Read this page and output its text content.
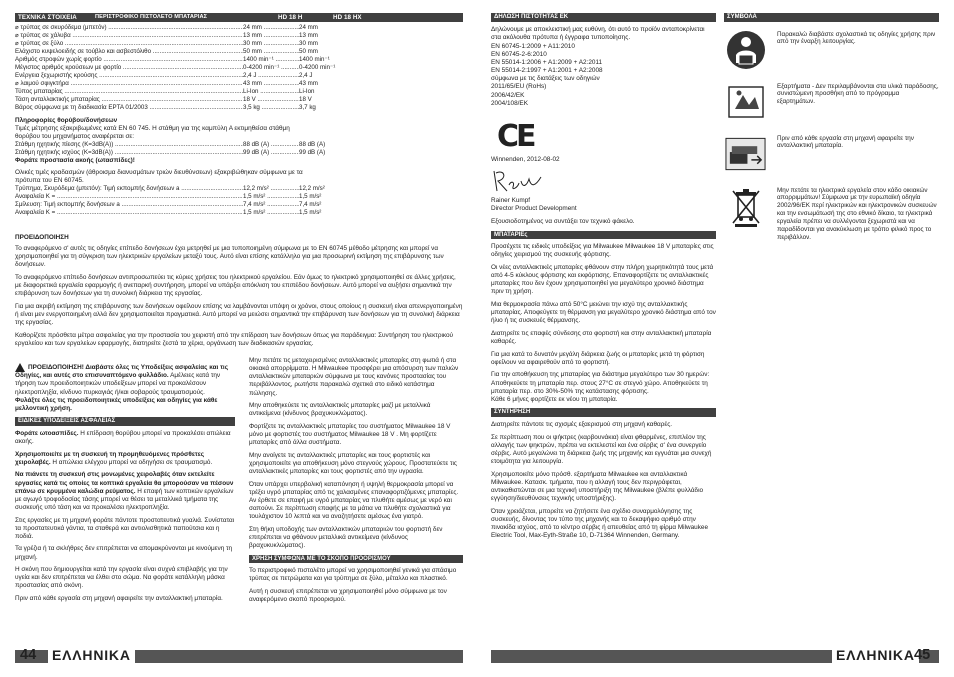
ΤΕΧΝΙΚΑ ΣΤΟΙΧΕΙΑ	ΠΕΡΙΣΤΡΟΦΙΚΟ ΠΙΣΤΟΛΕΤΟ ΜΠΑΤΑΡΙΑΣ	HD 18 H	HD 18 HX
⌀ τρύπας σε σκυρόδεμα (μπετόν) .....	24 mm .....	24 mm
⌀ τρύπας σε χάλυβα .....	13 mm .....	13 mm
⌀ τρύπας σε ξύλο .....	30 mm .....	30 mm
Ελάχιστο κυψελοειδής σε τούβλο και ασβεστόλιθο .....	50 mm .....	50 mm
Αριθμός στροφών χωρίς φορτίο .....	1400 min⁻¹ .....	1400 min⁻¹
Μέγιστος αριθμός κρούσεων με φορτίο .....	0-4200 min⁻¹ .....	0-4200 min⁻¹
Ενέργεια ξεχωριστής κρούσης .....	2,4 J .....	2,4 J
⌀ λαιμού σφιγκτήρα .....	43 mm .....	43 mm
Τύπος μπαταρίας .....	Li-Ion .....	Li-Ion
Τάση ανταλλακτικής μπαταρίας .....	18 V .....	18 V
Βάρος σύμφωνα με τη διαδικασία EPTA 01/2003 .....	3,5 kg .....	3,7 kg
Πληροφορίες θορύβου/δονήσεων
Τιμές μέτρησης εξακριβωμένες κατά EN 60 745. Η στάθμη για της καμπύλη Α εκτιμηθείσα στάθμη θορύβου του μηχανήματος αναφέρεται σε:
Στάθμη ηχητικής πίεσης (K=3dB(A)) .....	88 dB (A) .....	88 dB (A)
Στάθμη ηχητικής ισχύος (K=3dB(A)) .....	99 dB (A) .....	99 dB (A)
Φοράτε προστασία ακοής (ωτασπίδες)!
Ολικές τιμές κραδασμών (άθροισμα διανυσμάτων τριών διευθύνσεων) εξακριβώθηκαν σύμφωνα με τα πρότυπα του EN 60745.
Τρύπημα, Σκυρόδεμα (μπετόν): Τιμή εκπομπής δονήσεων a .....	12,2 m/s² .....	12,2 m/s²
Αναφαλεία K = .....	1,5 m/s² .....	1,5 m/s²
Σμίλευση: Τιμή εκπομπής δονήσεων a .....	7,4 m/s² .....	7,4 m/s²
Αναφαλεία K = .....	1,5 m/s² .....	1,5 m/s²
ΠΡΟΕΙΔΟΠΟΙΗΣΗ

Το αναφερόμενο σ' αυτές τις οδηγίες επίπεδο δονήσεων έχει μετρηθεί με μια τυποποιημένη σύμφωνα με το EN 60745 μέθοδο μέτρησης και μπορεί να χρησιμοποιηθεί για τη σύγκριση των ηλεκτρικών εργαλείων μεταξύ τους. Αυτό είναι επίσης κατάλληλο για μια προσωρινή εκτίμηση της επιβάρυνσης των δονήσεων.

Το αναφερόμενο επίπεδο δονήσεων αντιπροσωπεύει τις κύριες χρήσεις του ηλεκτρικού εργαλείου. Εάν όμως το ηλεκτρικό χρησιμοποιηθεί σε άλλες χρήσεις, με διαφορετικά εργαλεία εφαρμογής ή ανεπαρκή συντήρηση, μπορεί να υπάρξει απόκλιση του επιπέδου δονήσεων. Αυτό μπορεί να αυξήσει σημαντικά την επιβάρυνση των δονήσεων για τη συνολική διάρκεια της εργασίας.

Για μια ακριβή εκτίμηση της επιβάρυνσης των δονήσεων οφείλουν επίσης να λαμβάνονται υπόψη οι χρόνοι, στους οποίους η συσκευή είναι απενεργοποιημένη ή είναι μεν ενεργοποιημένη αλλά δεν χρησιμοποιείται πραγματικά. Αυτό μπορεί να μειώσει σημαντικά την επιβάρυνση των δονήσεων για τη συνολική διάρκεια της εργασίας.

Καθορίζετε πρόσθετα μέτρα ασφαλείας για την προστασία του χειριστή από την επίδραση των δονήσεων όπως για παράδειγμα: Συντήρηση του ηλεκτρικού εργαλείου και των εργαλείων εφαρμογής, διατηρείτε ζεστά τα χέρια, οργάνωση των διαδικασιών εργασίας.

ΠΡΟΕΙΔΟΠΟΙΗΣΗ! Διαβάστε όλες τις Υποδείξεις ασφαλείας και τις Οδηγίες, και αυτές στο επισυναπτόμενο φυλλάδιο. Αμέλειες κατά την τήρηση των προειδοποιητικών υποδείξεων μπορεί να προκαλέσουν ηλεκτροπληξία, κίνδυνο πυρκαγιάς ή/και σοβαρούς τραυματισμούς.
Φυλάξτε όλες τις προειδοποιητικές υποδείξεις και οδηγίες για κάθε μελλοντική χρήση.

ΕΙΔΙΚΕΣ ΥΠΟΔΕΙΞΕΙΣ ΑΣΦΑΛΕΙΑΣ

Φοράτε ωτοασπίδες. Η επίδραση θορύβου μπορεί να προκαλέσει απώλεια ακοής.

Χρησιμοποιείτε με τη συσκευή τη προμηθευόμενες πρόσθετες χειρολαβές. Η απώλεια ελέγχου μπορεί να οδηγήσει σε τραυματισμό.

Να πιάνετε τη συσκευή στις μονωμένες χειρολαβές όταν εκτελείτε εργασίες κατά τις οποίες τα κοπτικά εργαλεία θα μπορούσαν να πέσουν επάνω σε κρυμμένα καλώδια ρεύματος. Η επαφή των κοπτικών εργαλείων με αγωγό τροφοδοσίας τάσης μπορεί να θέσει τα μεταλλικά τμήματα της συσκευής υπό τάση και να προκαλέσει ηλεκτροπληξία.

Στις εργασίες με τη μηχανή φοράτε πάντοτε προστατευτικά γυαλιά. Συνίσταται τα προστατευτικά γάντια, τα σταθερά και αντιολισθητικά παπούτσια και η ποδιά.

Τα γρέζια ή τα σκλήθρες δεν επιτρέπεται να απομακρύνονται με κινούμενη τη μηχανή.

Η σκόνη που δημιουργείται κατά την εργασία είναι συχνά επιβλαβής για την υγεία και δεν επιτρέπεται να έλθει στο σώμα. Να φοράτε κατάλληλη μάσκα προστασίας από σκόνη.

Πριν από κάθε εργασία στη μηχανή αφαιρείτε την ανταλλακτική μπαταρία.

Μην πετάτε τις μεταχειρισμένες ανταλλακτικές μπαταρίες στη φωτιά ή στα οικιακά απορρίμματα. Η Milwaukee προσφέρει μια απόσυρση των παλιών ανταλλακτικών μπαταριών σύμφωνα με τους κανόνες προστασίας του περιβάλλοντος, ρωτήστε παρακαλώ σχετικά στο ειδικό κατάστημα πώλησης.

Μην αποθηκεύετε τις ανταλλακτικές μπαταρίες μαζί με μεταλλικά αντικείμενα (κίνδυνος βραχυκυκλώματος).

Φορτίζετε τις ανταλλακτικές μπαταρίες του συστήματος Milwaukee 18 V μόνο με φορτιστές του συστήματος Milwaukee 18 V . Μη φορτίζετε μπαταρίες από άλλα συστήματα.

Μην ανοίγετε τις ανταλλακτικές μπαταρίες και τους φορτιστές και χρησιμοποιείτε για αποθήκευση μόνο στεγνούς χώρους. Προστατεύετε τις ανταλλακτικές μπαταρίες και τους φορτιστές από την υγρασία.

Όταν υπάρχει υπερβολική καταπόνηση ή υψηλή θερμοκρασία μπορεί να τρέξει υγρό μπαταρίας από τις χαλασμένες επαναφορτιζόμενες μπαταρίες. Αν έρθετε σε επαφή με υγρό μπαταρίας να πλυθήτε αμέσως με νερό και σαπούνι. Σε περίπτωση επαφής με τα μάτια να πλυθήτε σχολαστικά για τουλάχιστον 10 λεπτά και να αναζητήσετε αμέσως ένα γιατρό.

Στη θήκη υποδοχής των ανταλλακτικών μπαταριών του φορτιστή δεν επιτρέπεται να φθάνουν μεταλλικά αντικείμενα (κίνδυνος βραχυκυκλώματος).

ΧΡΗΣΗ ΣΥΜΦΩΝΑ ΜΕ ΤΟ ΣΚΟΠΟ ΠΡΟΟΡΙΣΜΟΥ

Το περιστροφικό πιστολέτο μπορεί να χρησιμοποιηθεί γενικά για σπάσιμο τρύπας σε πετρώματα και για τρύπημα σε ξύλο, μέταλλο και πλαστικό.

Αυτή η συσκευή επιτρέπεται να χρησιμοποιηθεί μόνο σύμφωνα με τον αναφερόμενο σκοπό προορισμού.

44 ΕΛΛΗΝΙΚΑ
ΔΗΛΩΣΗ ΠΙΣΤΟΤΗΤΑΣ ΕΚ

Δηλώνουμε με αποκλειστική μας ευθύνη, ότι αυτό το προϊόν ανταποκρίνεται στα ακόλουθα πρότυπα ή έγγραφα τυποποίησης.

EN 60745-1:2009 + A11:2010
EN 60745-2-6:2010
EN 55014-1:2006 + A1:2009 + A2:2011
EN 55014-2:1997 + A1:2001 + A2:2008
σύμφωνα με τις διατάξεις των οδηγιών
2011/65/EU (RoHs)
2006/42/EK
2004/108/EK
CE
Winnenden, 2012-08-02
Rainer Kumpf
Director Product Development

Εξουσιοδοτημένος να συντάξει τον τεχνικό φάκελο.

ΜΠΑΤΑΡΙΕς

Προσέχετε τις ειδικές υποδείξεις για Milwaukee Milwaukee 18 V μπαταρίες στις οδηγίες χειρισμού της συσκευής φόρτισης.

Οι νέες ανταλλακτικές μπαταρίες φθάνουν στην πλήρη χωρητικότητά τους μετά από 4-5 κύκλους φόρτισης και εκφόρτισης. Επαναφορτίζετε τις ανταλλακτικές μπαταρίες που δεν έχουν χρησιμοποιηθεί για μεγαλύτερο χρονικό διάστημα πριν τη χρήση.

Μια θερμοκρασία πάνω από 50°C μειώνει την ισχύ της ανταλλακτικής μπαταρίας. Αποφεύγετε τη θέρμανση για μεγαλύτερο χρονικό διάστημα από τον ήλιο ή τις συσκευές θέρμανσης.

Διατηρείτε τις επαφές σύνδεσης στο φορτιστή και στην ανταλλακτική μπαταρία καθαρές.

Για μια κατά το δυνατόν μεγάλη διάρκεια ζωής οι μπαταρίες μετά τη φόρτιση οφείλουν να αφαιρεθούν από το φορτιστή.

Για την αποθήκευση της μπαταρίας για διάστημα μεγαλύτερο των 30 ημερών:
Αποθηκεύετε τη μπαταρία περ. στους 27°C σε στεγνό χώρο. Αποθηκεύετε τη μπαταρία περ. στο 30%-50% της κατάστασης φόρτισης.

Κάθε 6 μήνες φορτίζετε εκ νέου τη μπαταρία.

ΣΥΝΤΗΡΗΣΗ

Διατηρείτε πάντοτε τις σχισμές εξαερισμού στη μηχανή καθαρές.

Σε περίπτωση που οι ψήκτρες (καρβουνάκια) είναι φθαρμένες, επιπλέον της αλλαγής των ψηκτρών, πρέπει να εκτελεστεί και ένα σέρβις σ' ένα συνεργείο σέρβις. Αυτό μεγαλώνει τη διάρκεια ζωής της μηχανής και εγγυάται μια συνεχή ετοιμότητα για λειτουργία.

Χρησιμοποιείτε μόνο πρόσθ. εξαρτήματα Milwaukee και ανταλλακτικά Milwaukee. Κατασκ. τμήματα, που η αλλαγή τους δεν περιγράφεται, αντικαθιστώνται σε μια τεχνική υποστήριξη της Milwaukee (βλέπε φυλλάδιο εγγύηση/διευθύνσεις τεχνικής υποστήριξης).

Όταν χρειάζεται, μπορείτε να ζητήσετε ένα σχέδιο συναρμολόγησης της συσκευής, δίνοντας τον τύπο της μηχανής και το δεκαψήφιο αριθμό στην πινακίδα ισχύος, από το κέντρο σέρβις ή απευθείας από τη φίρμα Milwaukee Electric Tool, Max-Eyth-Straße 10, D-71364 Winnenden, Germany.

ΣΥΜΒΟΛΑ
Παρακαλώ διαβάστε σχολαστικά τις οδηγίες χρήσης πριν από την έναρξη λειτουργίας.
Εξαρτήματα - Δεν περιλαμβάνονται στα υλικά παράδοσης, συνιστώμενη προσθήκη από το πρόγραμμα εξαρτημάτων.
Πριν από κάθε εργασία στη μηχανή αφαιρείτε την ανταλλακτική μπαταρία.
Μην πετάτε τα ηλεκτρικά εργαλεία στον κάδο οικιακών απορριμμάτων! Σύμφωνα με την ευρωπαϊκή οδηγία 2002/96/ΕΚ περί ηλεκτρικών και ηλεκτρονικών συσκευών και την ενσωμάτωσή της στο εθνικό δίκαιο, τα ηλεκτρικά εργαλεία πρέπει να συλλέγονται ξεχωριστά και να παραδίδονται για ανακύκλωση με τρόπο φιλικό προς το περιβάλλον.
ΕΛΛΗΝΙΚΑ 45
